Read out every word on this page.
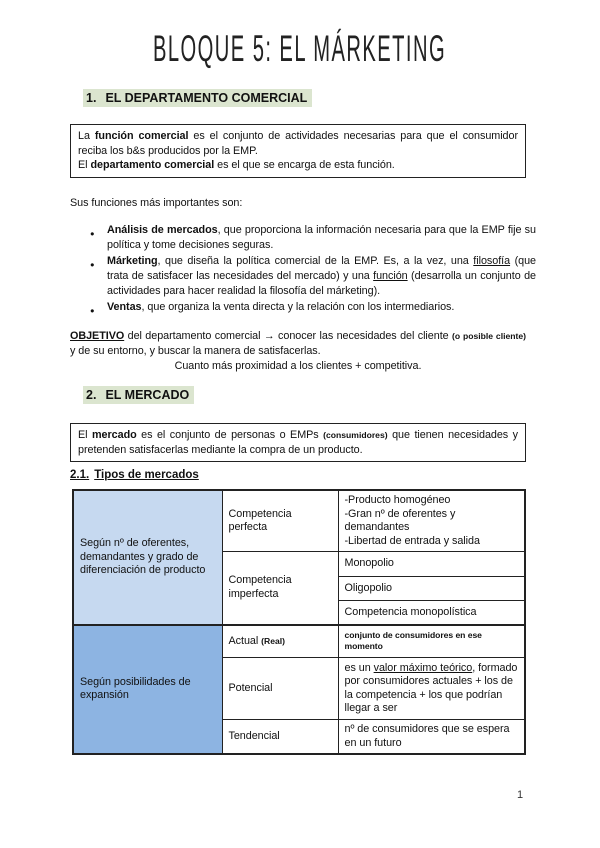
BLOQUE 5: EL MÁRKETING
1. EL DEPARTAMENTO COMERCIAL
La función comercial es el conjunto de actividades necesarias para que el consumidor reciba los b&s producidos por la EMP.
El departamento comercial es el que se encarga de esta función.
Sus funciones más importantes son:
● Análisis de mercados, que proporciona la información necesaria para que la EMP fije su política y tome decisiones seguras.
● Márketing, que diseña la política comercial de la EMP. Es, a la vez, una filosofía (que trata de satisfacer las necesidades del mercado) y una función (desarrolla un conjunto de actividades para hacer realidad la filosofía del márketing).
● Ventas, que organiza la venta directa y la relación con los intermediarios.
OBJETIVO del departamento comercial → conocer las necesidades del cliente (o posible cliente) y de su entorno, y buscar la manera de satisfacerlas.
Cuanto más proximidad a los clientes + competitiva.
2. EL MERCADO
El mercado es el conjunto de personas o EMPs (consumidores) que tienen necesidades y pretenden satisfacerlas mediante la compra de un producto.
2.1. Tipos de mercados
Según nº de oferentes, demandantes y grado de diferenciación de producto	Competencia perfecta	-Producto homogéneo
-Gran nº de oferentes y demandantes
-Libertad de entrada y salida

	Competencia imperfecta	Monopolio
		Oligopolio
		Competencia monopolística
Según posibilidades de expansión	Actual (Real)	conjunto de consumidores en ese momento
	Potencial	es un valor máximo teórico, formado por consumidores actuales + los de la competencia + los que podrían llegar a ser
	Tendencial	nº de consumidores que se espera en un futuro
1
